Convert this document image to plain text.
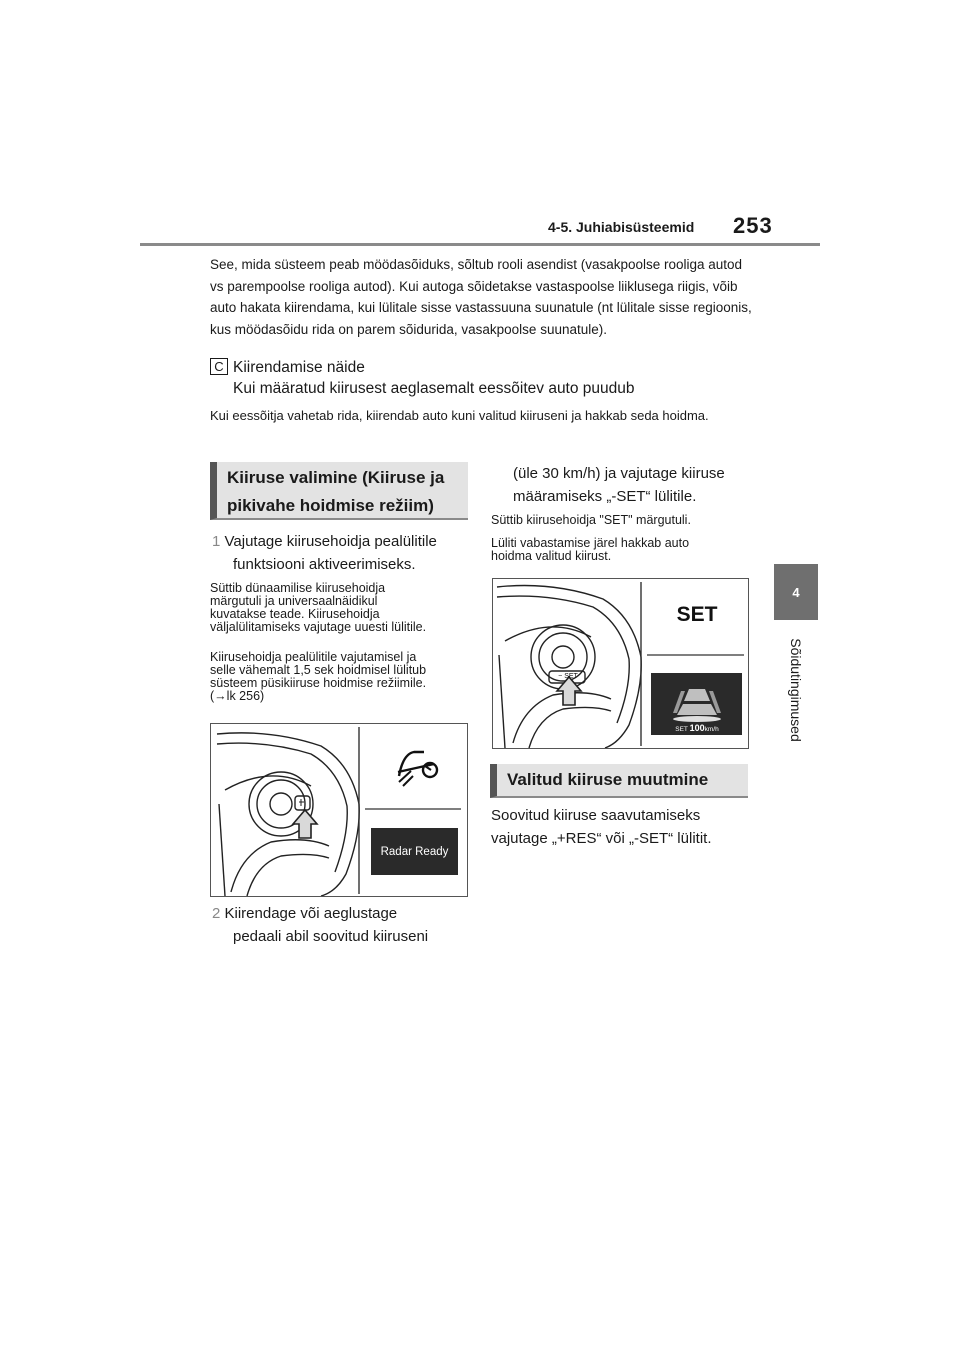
4-5. Juhiabisüsteemid 253
4
Sõidutingimused
See, mida süsteem peab möödasõiduks, sõltub rooli asendist (vasakpoolse rooliga autod vs parempoolse rooliga autod). Kui autoga sõidetakse vastaspoolse liiklusega riigis, võib auto hakata kiirendama, kui lülitale sisse vastassuuna suunatule (nt lülitale sisse regioonis, kus möödasõidu rida on parem sõidurida, vasakpoolse suunatule).
C Kiirendamise näide
Kui määratud kiirusest aeglasemalt eessõitev auto puudub
Kui eessõitja vahetab rida, kiirendab auto kuni valitud kiiruseni ja hakkab seda hoidma.
Kiiruse valimine (Kiiruse ja
pikivahe hoidmise režiim)
1 Vajutage kiirusehoidja pealülitile
funktsiooni aktiveerimiseks.
Süttib dünaamilise kiirusehoidja
märgutuli ja universaalnäidikul
kuvatakse teade. Kiirusehoidja
väljalülitamiseks vajutage uuesti lülitile.
Kiirusehoidja pealülitile vajutamisel ja
selle vähemalt 1,5 sek hoidmisel lülitub
süsteem püsikiiruse hoidmise režiimile.
(→lk 256)
Radar Ready
2 Kiirendage või aeglustage
pedaali abil soovitud kiiruseni
(üle 30 km/h) ja vajutage kiiruse
määramiseks „-SET“ lülitile.
Süttib kiirusehoidja "SET" märgutuli.
Lüliti vabastamise järel hakkab auto
hoidma valitud kiirust.
SET
− SET
SET 100km/h
Valitud kiiruse muutmine
Soovitud kiiruse saavutamiseks
vajutage „+RES“ või „-SET“ lülitit.
